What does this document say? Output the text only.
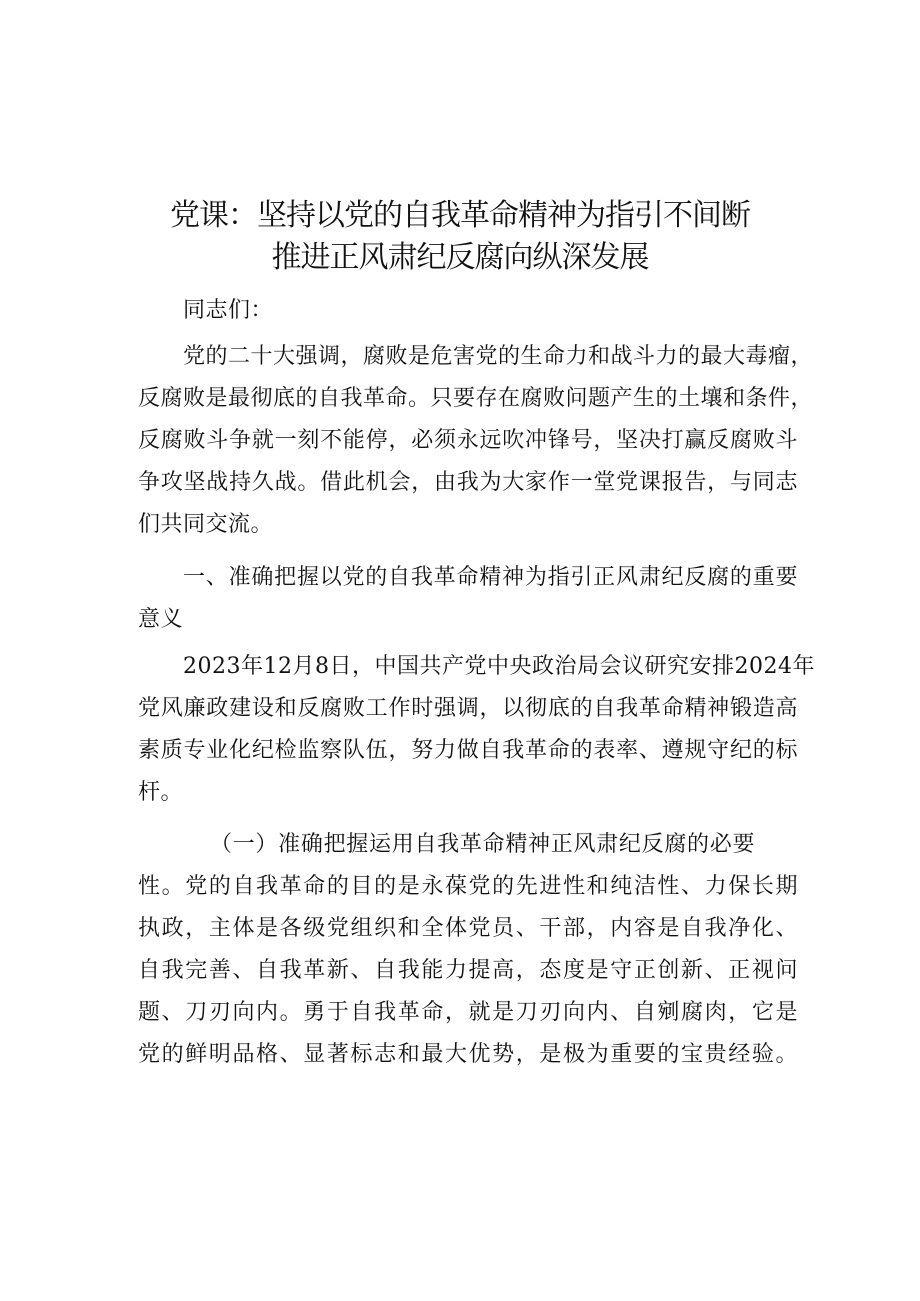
党课：坚持以党的自我革命精神为指引不间断
推进正风肃纪反腐向纵深发展
同志们：
党的二十大强调，腐败是危害党的生命力和战斗力的最大毒瘤，
反腐败是最彻底的自我革命。只要存在腐败问题产生的土壤和条件，
反腐败斗争就一刻不能停，必须永远吹冲锋号，坚决打赢反腐败斗
争攻坚战持久战。借此机会，由我为大家作一堂党课报告，与同志
们共同交流。
一、准确把握以党的自我革命精神为指引正风肃纪反腐的重要
意义
2023年12月8日，中国共产党中央政治局会议研究安排2024年
党风廉政建设和反腐败工作时强调，以彻底的自我革命精神锻造高
素质专业化纪检监察队伍，努力做自我革命的表率、遵规守纪的标
杆。
（一）准确把握运用自我革命精神正风肃纪反腐的必要
性。党的自我革命的目的是永葆党的先进性和纯洁性、力保长期
执政，主体是各级党组织和全体党员、干部，内容是自我净化、
自我完善、自我革新、自我能力提高，态度是守正创新、正视问
题、刀刃向内。勇于自我革命，就是刀刃向内、自剜腐肉，它是
党的鲜明品格、显著标志和最大优势，是极为重要的宝贵经验。
